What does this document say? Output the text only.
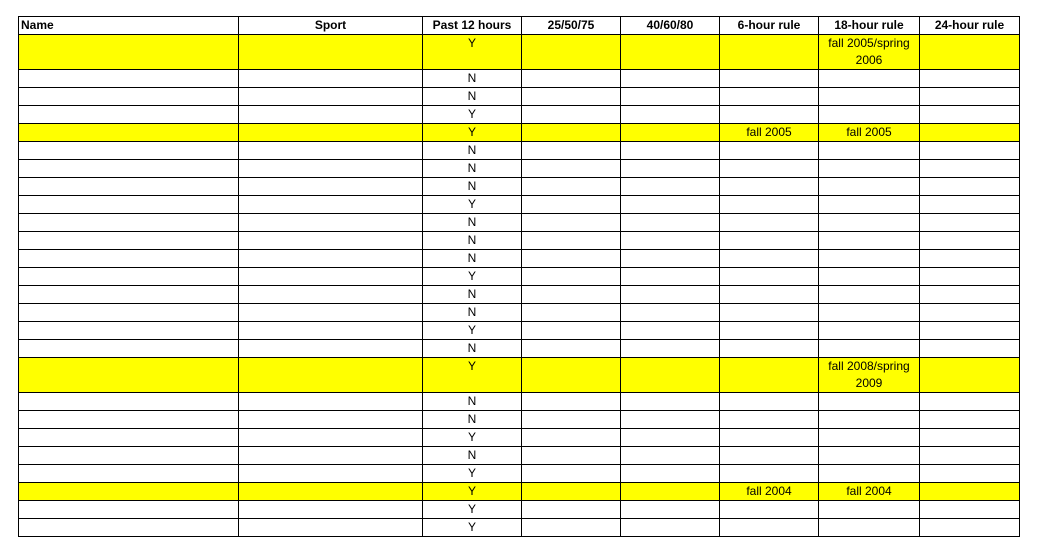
Name	Sport	Past 12 hours	25/50/75	40/60/80	6-hour rule	18-hour rule	24-hour rule
		Y				fall 2005/spring 2006	
		N					
		N					
		Y					
		Y			fall 2005	fall 2005	
		N					
		N					
		N					
		Y					
		N					
		N					
		N					
		Y					
		N					
		N					
		Y					
		N					
		Y				fall 2008/spring 2009	
		N					
		N					
		Y					
		N					
		Y					
		Y			fall 2004	fall 2004	
		Y					
		Y					
